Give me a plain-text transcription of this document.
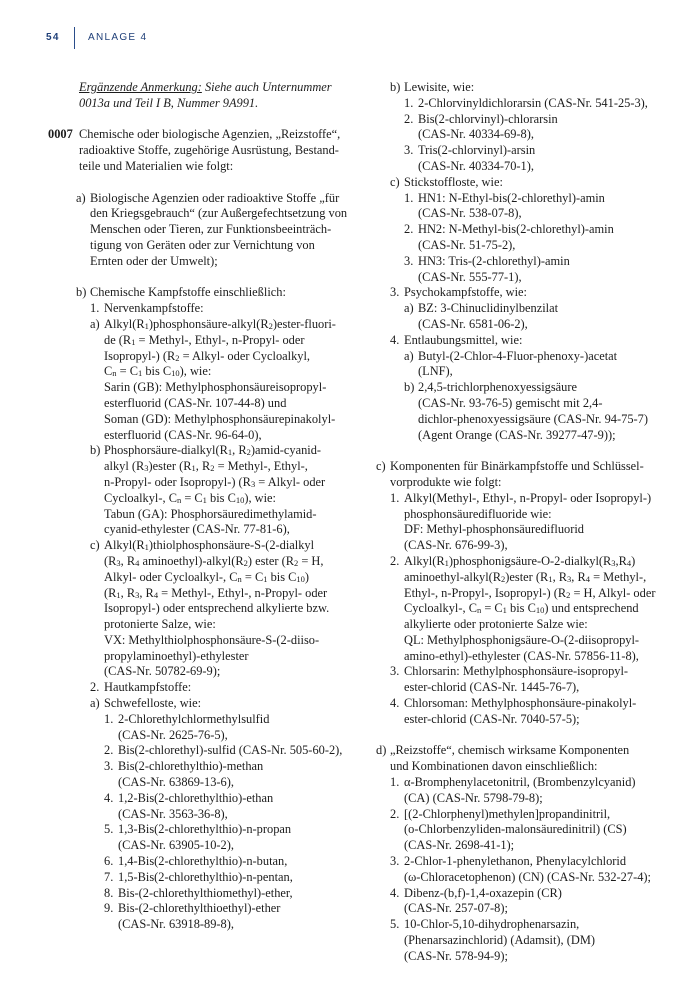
54	ANLAGE 4

Ergänzende Anmerkung: Siehe auch Unternummer

0013a und Teil I B, Nummer 9A991.

0007 Chemische oder biologische Agenzien, „Reizstoffe“,

radioaktive Stoffe, zugehörige Ausrüstung, Bestand-

teile und Materialien wie folgt:

a) Biologische Agenzien oder radioaktive Stoffe „für

den Kriegsgebrauch“ (zur Außergefechtsetzung von

Menschen oder Tieren, zur Funktionsbeeinträch-

tigung von Geräten oder zur Vernichtung von

Ernten oder der Umwelt);

b) Chemische Kampfstoffe einschließlich:

1. Nervenkampfstoffe:

a) $Alkyl(R_1)phosphonsäure-alkyl(R_2)ester-fluori-$

de ($R_1$ = Methyl-, Ethyl-, n-Propyl- oder

Isopropyl-) ($R_2$ = Alkyl- oder Cycloalkyl,

$C_n = C_1$ bis $C_{10}$), wie:

Sarin (GB): Methylphosphonsäureisopropyl-

esterfluorid (CAS-Nr. 107-44-8) und

Soman (GD): Methylphosphonsäurepinakolyl-

esterfluorid (CAS-Nr. 96-64-0),

b) Phosphorsäure-$dialkyl(R_1$, $R_2)amid-cyanid-$

alkyl $(R_3)ester$ ($R_1$, $R_2$ = Methyl-, Ethyl-,

n-Propyl- oder Isopropyl-) ($R_3$ = Alkyl- oder

Cycloalkyl-, $C_n = C_1$ bis $C_{10}$), wie:

Tabun (GA): Phosphorsäuredimethylamid-

cyanid-ethylester (CAS-Nr. 77-81-6),

c) $Alkyl(R_1)thiolphosphonsäure-S-(2$-dialkyl

($R_3$, $R_4$ $aminoethyl)-alkyl(R_2)$ ester ($R_2 = H$,

Alkyl- oder Cycloalkyl-, $C_n = C_1$ bis $C_{10}$)

($R_1$, $R_3$, $R_4$ = Methyl-, Ethyl-, n-Propyl- oder

Isopropyl-) oder entsprechend alkylierte bzw.

protonierte Salze, wie:

VX: Methylthiolphosphonsäure-S-(2-diiso-

propylaminoethyl)-ethylester

(CAS-Nr. 50782-69-9);

2. Hautkampfstoffe:

a) Schwefelloste, wie:

1. 2-Chlorethylchlormethylsulfid

(CAS-Nr. 2625-76-5),

2. Bis(2-chlorethyl)-sulfid (CAS-Nr. 505-60-2),

3. Bis(2-chlorethylthio)-methan

(CAS-Nr. 63869-13-6),

4. 1,2-Bis(2-chlorethylthio)-ethan

(CAS-Nr. 3563-36-8),

5. 1,3-Bis(2-chlorethylthio)-n-propan

(CAS-Nr. 63905-10-2),

6. 1,4-Bis(2-chlorethylthio)-n-butan,

7. 1,5-Bis(2-chlorethylthio)-n-pentan,

8. Bis-(2-chlorethylthiomethyl)-ether,

9. Bis-(2-chlorethylthioethyl)-ether

(CAS-Nr. 63918-89-8),

b) Lewisite, wie:

1. 2-Chlorvinyldichlorarsin (CAS-Nr. 541-25-3),

2. Bis(2-chlorvinyl)-chlorarsin

(CAS-Nr. 40334-69-8),

3. Tris(2-chlorvinyl)-arsin

(CAS-Nr. 40334-70-1),

c) Stickstofflоste, wie:

1. HN1: N-Ethyl-bis(2-chlorethyl)-amin

(CAS-Nr. 538-07-8),

2. HN2: N-Methyl-bis(2-chlorethyl)-amin

(CAS-Nr. 51-75-2),

3. HN3: Tris-(2-chlorethyl)-amin

(CAS-Nr. 555-77-1),

3. Psychokampfstoffe, wie:

a) BZ: 3-Chinuclidinylbenzilat

(CAS-Nr. 6581-06-2),

4. Entlaubungsmittel, wie:

a) Butyl-(2-Chlor-4-Fluor-phenoxy-)acetat

(LNF),

b) 2,4,5-trichlorphenoxyessigsäure

(CAS-Nr. 93-76-5) gemischt mit 2,4-

dichlor-phenoxyessigsäure (CAS-Nr. 94-75-7)

(Agent Orange (CAS-Nr. 39277-47-9));

c) Komponenten für Binärkampfstoffe und Schlüssel-

vorprodukte wie folgt:

1. Alkyl(Methyl-, Ethyl-, n-Propyl- oder Isopropyl-)

phosphonsäuredifluoride wie:

DF: Methyl-phosphonsäuredifluorid

(CAS-Nr. 676-99-3),

2. $Alkyl(R_1)phosphonigsäure-O-2-dialkyl(R_3,R_4)$

aminoethyl-$alkyl(R_2)ester$ ($R_1$, $R_3$, $R_4$ = Methyl-,

Ethyl-, n-Propyl-, Isopropyl-) ($R_2 = H$, Alkyl- oder

Cycloalkyl-, $C_n = C_1$ bis $C_{10}$) und entsprechend

alkylierte oder protonierte Salze wie:

QL: Methylphosphonigsäure-O-(2-diisopropyl-

amino-ethyl)-ethylester (CAS-Nr. 57856-11-8),

3. Chlorsarin: Methylphosphonsäure-isopropyl-

ester-chlorid (CAS-Nr. 1445-76-7),

4. Chlorsoman: Methylphosphonsäure-pinakolyl-

ester-chlorid (CAS-Nr. 7040-57-5);

d) „Reizstoffe“, chemisch wirksame Komponenten

und Kombinationen davon einschließlich:

1. α-Bromphenylacetonitril, (Brombenzylcyanid)

(CA) (CAS-Nr. 5798-79-8);

2. [(2-Chlorphenyl)methylen]propandinitril,

(o-Chlorbenzyliden-malonsäuredinitril) (CS)

(CAS-Nr. 2698-41-1);

3. 2-Chlor-1-phenylethanon, Phenylacylchlorid

(ω-Chloracetophenon) (CN) (CAS-Nr. 532-27-4);

4. Dibenz-(b,f)-1,4-oxazepin (CR)

(CAS-Nr. 257-07-8);

5. 10-Chlor-5,10-dihydrophenarsazin,

(Phenarsazinchlorid) (Adamsit), (DM)

(CAS-Nr. 578-94-9);
